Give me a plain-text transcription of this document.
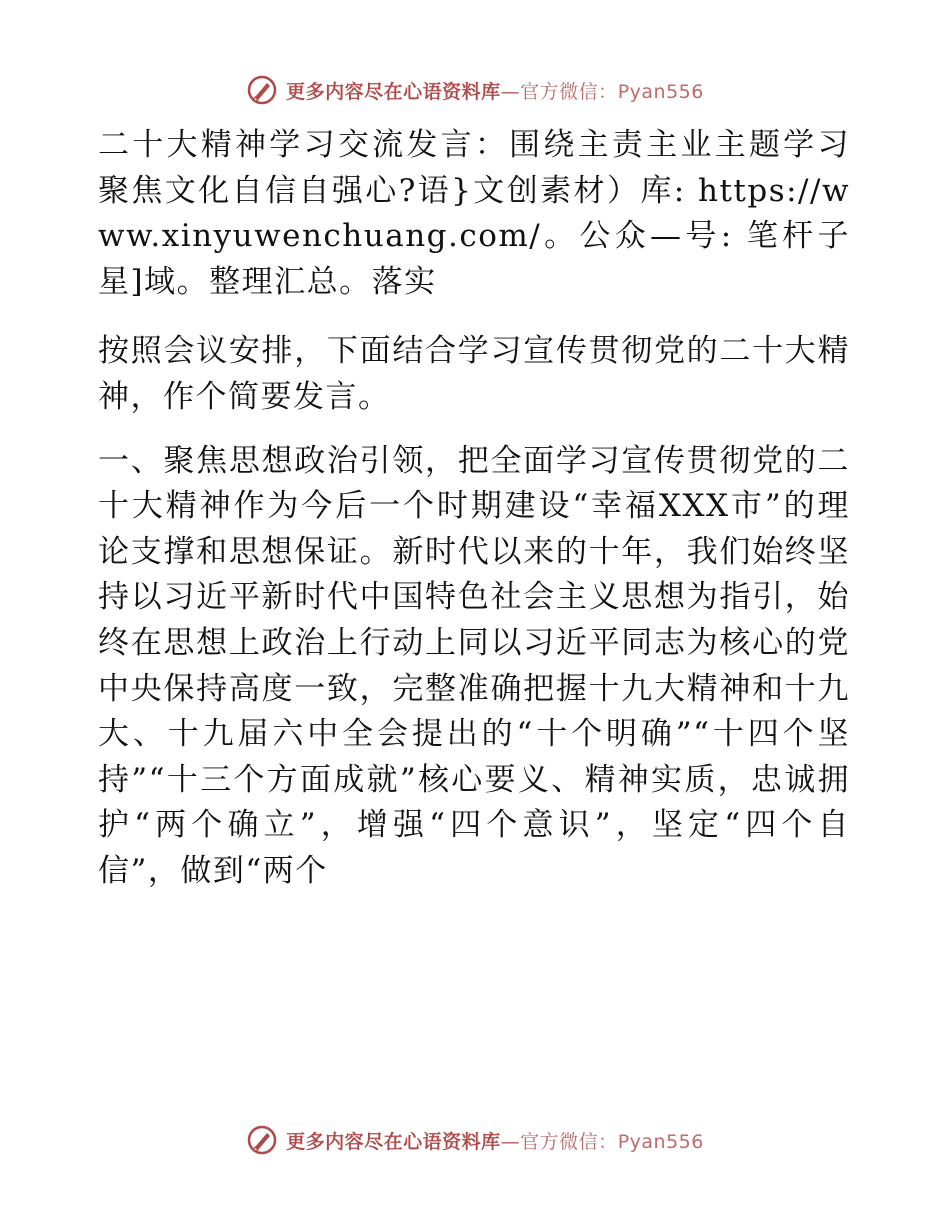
更多内容尽在心语资料库—官方微信：Pyan556

二十大精神学习交流发言：围绕主责主业主题学习 聚焦文化自信自强心?语}文创素材）库: https://www.xinyuwenchuang.com/。公众—号: 笔杆子星]域。整理汇总。落实

按照会议安排，下面结合学习宣传贯彻党的二十大精神，作个简要发言。

一、聚焦思想政治引领，把全面学习宣传贯彻党的二十大精神作为今后一个时期建设“幸福XXX市”的理论支撑和思想保证。新时代以来的十年，我们始终坚持以习近平新时代中国特色社会主义思想为指引，始终在思想上政治上行动上同以习近平同志为核心的党中央保持高度一致，完整准确把握十九大精神和十九大、十九届六中全会提出的“十个明确”“十四个坚持”“十三个方面成就”核心要义、精神实质，忠诚拥护“两个确立”，增强“四个意识”，坚定“四个自信”，做到“两个

更多内容尽在心语资料库—官方微信：Pyan556
